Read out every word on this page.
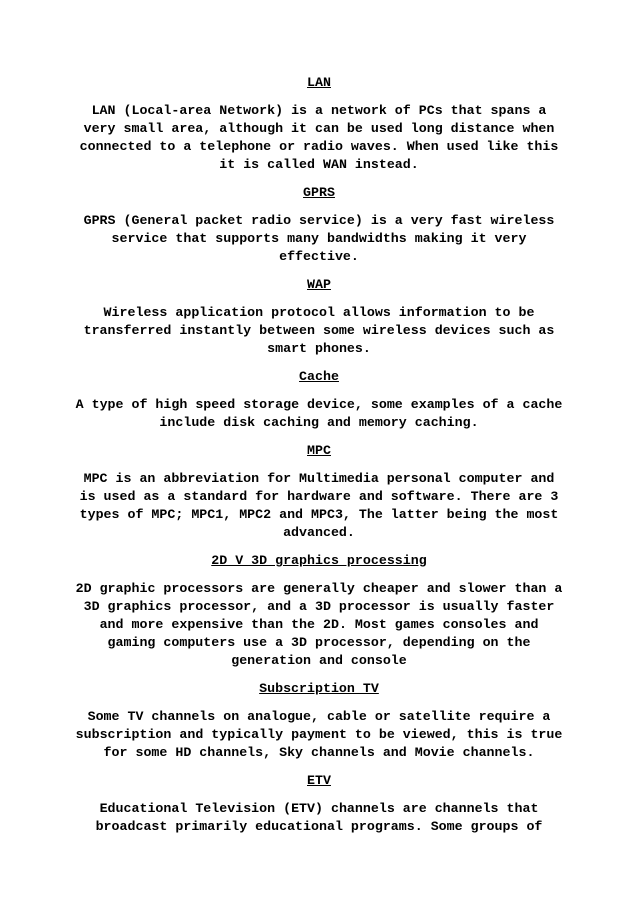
LAN

LAN (Local-area Network) is a network of PCs that spans a very small area, although it can be used long distance when connected to a telephone or radio waves. When used like this it is called WAN instead.

GPRS

GPRS (General packet radio service) is a very fast wireless service that supports many bandwidths making it very effective.

WAP

Wireless application protocol allows information to be transferred instantly between some wireless devices such as smart phones.

Cache

A type of high speed storage device, some examples of a cache include disk caching and memory caching.

MPC

MPC is an abbreviation for Multimedia personal computer and is used as a standard for hardware and software. There are 3 types of MPC; MPC1, MPC2 and MPC3, The latter being the most advanced.

2D V 3D graphics processing

2D graphic processors are generally cheaper and slower than a 3D graphics processor, and a 3D processor is usually faster and more expensive than the 2D. Most games consoles and gaming computers use a 3D processor, depending on the generation and console

Subscription TV

Some TV channels on analogue, cable or satellite require a subscription and typically payment to be viewed, this is true for some HD channels, Sky channels and Movie channels.

ETV

Educational Television (ETV) channels are channels that broadcast primarily educational programs. Some groups of
